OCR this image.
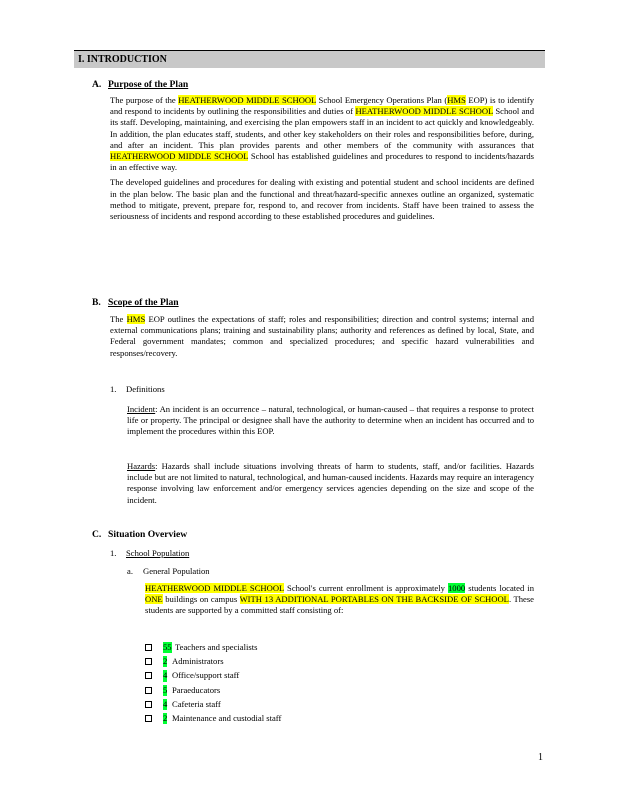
I. INTRODUCTION
A. Purpose of the Plan

The purpose of the HEATHERWOOD MIDDLE SCHOOL School Emergency Operations Plan (HMS EOP) is to identify and respond to incidents by outlining the responsibilities and duties of HEATHERWOOD MIDDLE SCHOOL School and its staff. Developing, maintaining, and exercising the plan empowers staff in an incident to act quickly and knowledgeably. In addition, the plan educates staff, students, and other key stakeholders on their roles and responsibilities before, during, and after an incident. This plan provides parents and other members of the community with assurances that HEATHERWOOD MIDDLE SCHOOL School has established guidelines and procedures to respond to incidents/hazards in an effective way.

The developed guidelines and procedures for dealing with existing and potential student and school incidents are defined in the plan below. The basic plan and the functional and threat/hazard-specific annexes outline an organized, systematic method to mitigate, prevent, prepare for, respond to, and recover from incidents. Staff have been trained to assess the seriousness of incidents and respond according to these established procedures and guidelines.

B. Scope of the Plan

The HMS EOP outlines the expectations of staff; roles and responsibilities; direction and control systems; internal and external communications plans; training and sustainability plans; authority and references as defined by local, State, and Federal government mandates; common and specialized procedures; and specific hazard vulnerabilities and responses/recovery.

1. Definitions
Incident: An incident is an occurrence – natural, technological, or human-caused – that requires a response to protect life or property. The principal or designee shall have the authority to determine when an incident has occurred and to implement the procedures within this EOP.
Hazards: Hazards shall include situations involving threats of harm to students, staff, and/or facilities. Hazards include but are not limited to natural, technological, and human-caused incidents. Hazards may require an interagency response involving law enforcement and/or emergency services agencies depending on the size and scope of the incident.
C. Situation Overview
1. School Population
a. General Population

HEATHERWOOD MIDDLE SCHOOL School's current enrollment is approximately 1000 students located in ONE buildings on campus WITH 13 ADDITIONAL PORTABLES ON THE BACKSIDE OF SCHOOL. These students are supported by a committed staff consisting of:

55 Teachers and specialists
2 Administrators
4 Office/support staff
5 Paraeducators
4 Cafeteria staff
2 Maintenance and custodial staff
1
